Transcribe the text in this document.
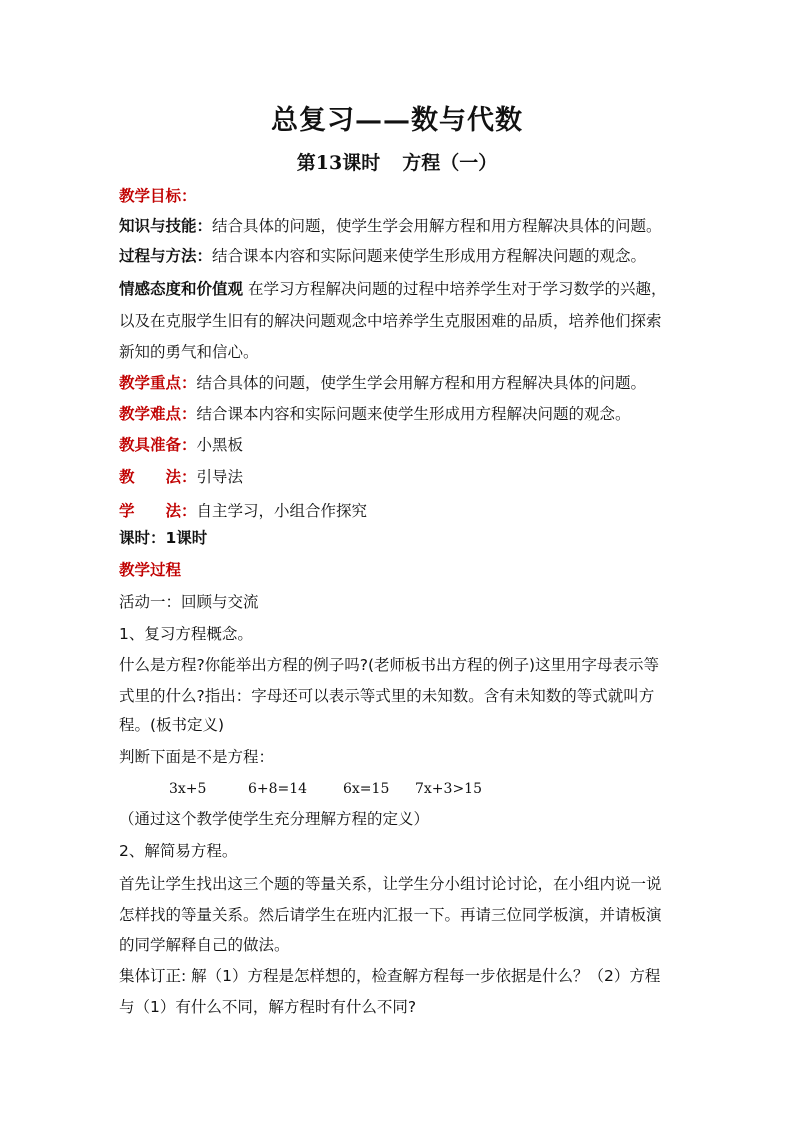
总复习——数与代数
第13课时 方程（一）
教学目标：
知识与技能：结合具体的问题，使学生学会用解方程和用方程解决具体的问题。
过程与方法：结合课本内容和实际问题来使学生形成用方程解决问题的观念。
情感态度和价值观 在学习方程解决问题的过程中培养学生对于学习数学的兴趣，
以及在克服学生旧有的解决问题观念中培养学生克服困难的品质，培养他们探索
新知的勇气和信心。
教学重点：结合具体的问题，使学生学会用解方程和用方程解决具体的问题。
教学难点：结合课本内容和实际问题来使学生形成用方程解决问题的观念。
教具准备：小黑板
教　　法：引导法
学　　法：自主学习，小组合作探究
课时：1课时
教学过程
活动一：回顾与交流
1、复习方程概念。
什么是方程?你能举出方程的例子吗?(老师板书出方程的例子)这里用字母表示等
式里的什么?指出：字母还可以表示等式里的未知数。含有未知数的等式就叫方
程。(板书定义)
判断下面是不是方程：
3x+5	6+8=14	6x=15 7x+3>15
（通过这个教学使学生充分理解方程的定义）
2、解简易方程。
首先让学生找出这三个题的等量关系，让学生分小组讨论讨论，在小组内说一说
怎样找的等量关系。然后请学生在班内汇报一下。再请三位同学板演，并请板演
的同学解释自己的做法。
集体订正: 解（1）方程是怎样想的，检查解方程每一步依据是什么？（2）方程
与（1）有什么不同，解方程时有什么不同?
